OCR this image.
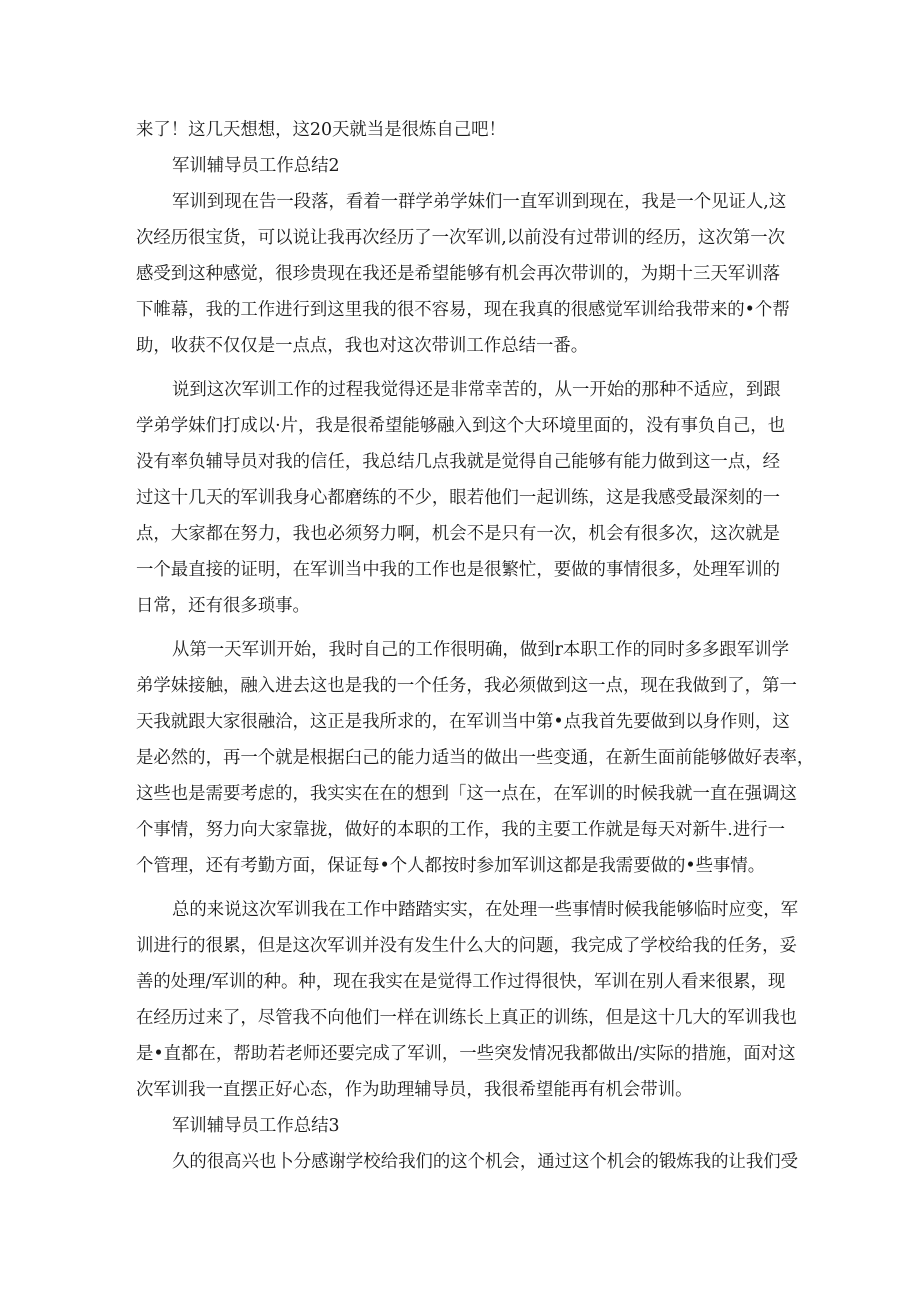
来了！这几天想想，这20天就当是很炼自己吧！
军训辅导员工作总结2
军训到现在告一段落，看着一群学弟学妹们一直军训到现在，我是一个见证人,这
次经历很宝货，可以说让我再次经历了一次军训,以前没有过带训的经历，这次第一次
感受到这种感觉，很珍贵现在我还是希望能够有机会再次带训的，为期十三天军训落
下帷幕，我的工作进行到这里我的很不容易，现在我真的很感觉军训给我带来的•个帮
助，收获不仅仅是一点点，我也对这次带训工作总结一番。
说到这次军训工作的过程我觉得还是非常幸苦的，从一开始的那种不适应，到跟
学弟学妹们打成以·片，我是很希望能够融入到这个大环境里面的，没有事负自己，也
没有率负辅导员对我的信任，我总结几点我就是觉得自己能够有能力做到这一点，经
过这十几天的军训我身心都磨练的不少，眼若他们一起训练，这是我感受最深刻的一
点，大家都在努力，我也必须努力啊，机会不是只有一次，机会有很多次，这次就是
一个最直接的证明，在军训当中我的工作也是很繁忙，要做的事情很多，处理军训的
日常，还有很多琐事。
从第一天军训开始，我时自己的工作很明确，做到r本职工作的同时多多跟军训学
弟学妹接触，融入进去这也是我的一个任务，我必须做到这一点，现在我做到了，第一
天我就跟大家很融洽，这正是我所求的，在军训当中第•点我首先要做到以身作则，这
是必然的，再一个就是根据臼己的能力适当的做出一些变通，在新生面前能够做好表率，
这些也是需要考虑的，我实实在在的想到「这一点在，在军训的时候我就一直在强调这
个事情，努力向大家靠拢，做好的本职的工作，我的主要工作就是每天对新牛.进行一
个管理，还有考勤方面，保证每•个人都按时参加军训这都是我需要做的•些事情。
总的来说这次军训我在工作中踏踏实实，在处理一些事情时候我能够临时应变，军
训进行的很累，但是这次军训并没有发生什么大的问题，我完成了学校给我的任务，妥
善的处理/军训的种。种，现在我实在是觉得工作过得很快，军训在别人看来很累，现
在经历过来了，尽管我不向他们一样在训练长上真正的训练，但是这十几大的军训我也
是•直都在，帮助若老师还要完成了军训，一些突发情况我都做出/实际的措施，面对这
次军训我一直摆正好心态，作为助理辅导员，我很希望能再有机会带训。
军训辅导员工作总结3
久的很高兴也卜分感谢学校给我们的这个机会，通过这个机会的锻炼我的让我们受
